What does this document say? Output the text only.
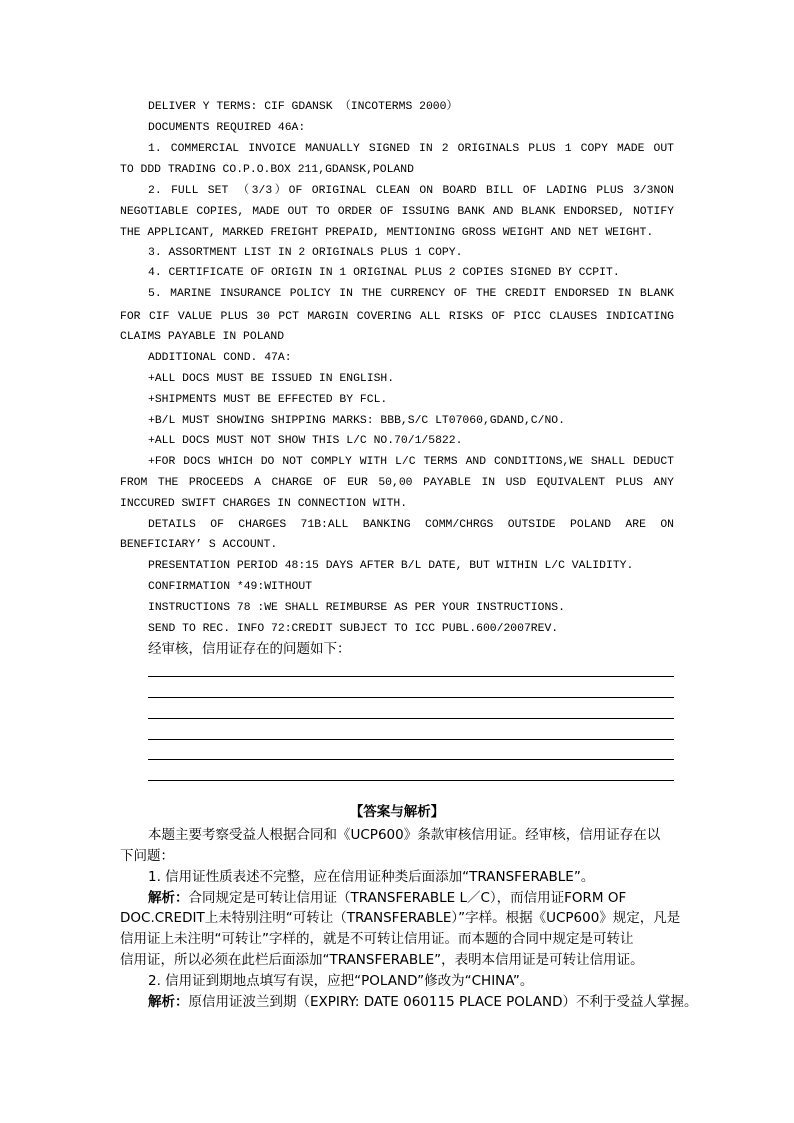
DELIVER Y TERMS: CIF GDANSK （INCOTERMS 2000）
DOCUMENTS REQUIRED 46A:
1. COMMERCIAL INVOICE MANUALLY SIGNED IN 2 ORIGINALS PLUS 1 COPY MADE OUT
TO DDD TRADING CO.P.O.BOX 211,GDANSK,POLAND
2. FULL SET （3/3）OF ORIGINAL CLEAN ON BOARD BILL OF LADING PLUS 3/3NON
NEGOTIABLE COPIES, MADE OUT TO ORDER OF ISSUING BANK AND BLANK ENDORSED, NOTIFY
THE APPLICANT, MARKED FREIGHT PREPAID, MENTIONING GROSS WEIGHT AND NET WEIGHT.
3. ASSORTMENT LIST IN 2 ORIGINALS PLUS 1 COPY.
4. CERTIFICATE OF ORIGIN IN 1 ORIGINAL PLUS 2 COPIES SIGNED BY CCPIT.
5. MARINE INSURANCE POLICY IN THE CURRENCY OF THE CREDIT ENDORSED IN BLANK
FOR CIF VALUE PLUS 30 PCT MARGIN COVERING ALL RISKS OF PICC CLAUSES INDICATING
CLAIMS PAYABLE IN POLAND
ADDITIONAL COND. 47A:
+ALL DOCS MUST BE ISSUED IN ENGLISH.
+SHIPMENTS MUST BE EFFECTED BY FCL.
+B/L MUST SHOWING SHIPPING MARKS: BBB,S/C LT07060,GDAND,C/NO.
+ALL DOCS MUST NOT SHOW THIS L/C NO.70/1/5822.
+FOR DOCS WHICH DO NOT COMPLY WITH L/C TERMS AND CONDITIONS,WE SHALL DEDUCT
FROM THE PROCEEDS A CHARGE OF EUR 50,00 PAYABLE IN USD EQUIVALENT PLUS ANY
INCCURED SWIFT CHARGES IN CONNECTION WITH.
DETAILS OF CHARGES 71B:ALL BANKING COMM/CHRGS OUTSIDE POLAND ARE ON
BENEFICIARY’ S ACCOUNT.
PRESENTATION PERIOD 48:15 DAYS AFTER B/L DATE, BUT WITHIN L/C VALIDITY.
CONFIRMATION *49:WITHOUT
INSTRUCTIONS 78 :WE SHALL REIMBURSE AS PER YOUR INSTRUCTIONS.
SEND TO REC. INFO 72:CREDIT SUBJECT TO ICC PUBL.600/2007REV.
经审核，信用证存在的问题如下：
【答案与解析】
本题主要考察受益人根据合同和《UCP600》条款审核信用证。经审核，信用证存在以
下问题：
1. 信用证性质表述不完整，应在信用证种类后面添加“TRANSFERABLE”。
解析：合同规定是可转让信用证（TRANSFERABLE L／C），而信用证FORM OF
DOC.CREDIT上未特别注明“可转让（TRANSFERABLE）”字样。根据《UCP600》规定，凡是
信用证上未注明“可转让”字样的，就是不可转让信用证。而本题的合同中规定是可转让
信用证，所以必须在此栏后面添加“TRANSFERABLE”，表明本信用证是可转让信用证。
2. 信用证到期地点填写有误，应把“POLAND”修改为“CHINA”。
解析：原信用证波兰到期（EXPIRY: DATE 060115 PLACE POLAND）不利于受益人掌握。
